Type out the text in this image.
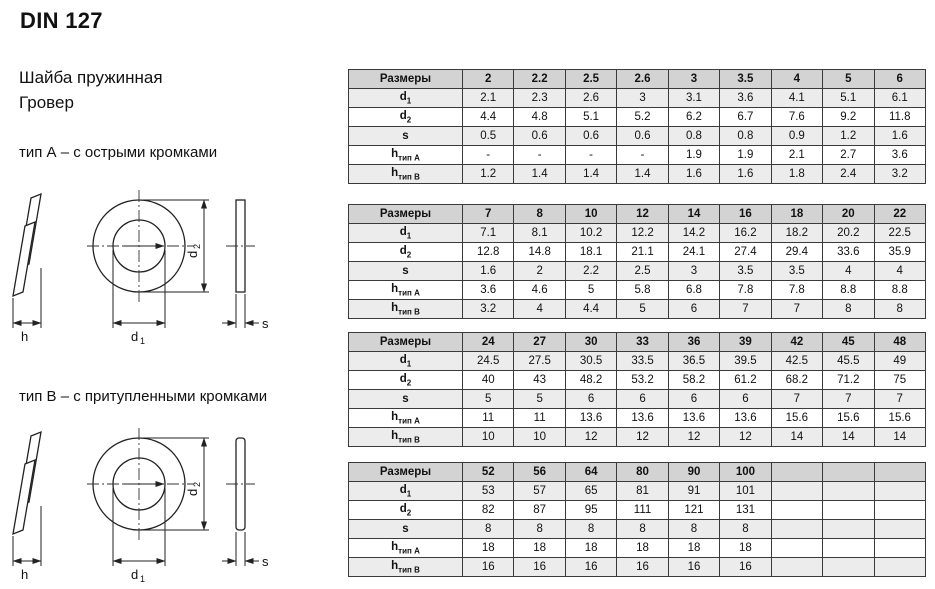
DIN 127
Шайба пружинная
Гровер
тип А – с острыми кромками
тип B – с притупленными кромками
h	d 1
d
2
s
h	d 1
d
2
s
Размеры	2	2.2	2.5	2.6	3	3.5	4	5	6
$d_1$	2.1	2.3	2.6	3	3.1	3.6	4.1	5.1	6.1
$d_2$	4.4	4.8	5.1	5.2	6.2	6.7	7.6	9.2	11.8
s	0.5	0.6	0.6	0.6	0.8	0.8	0.9	1.2	1.6
$h_{тип А}$	-	-	-	-	1.9	1.9	2.1	2.7	3.6
$h_{тип В}$	1.2	1.4	1.4	1.4	1.6	1.6	1.8	2.4	3.2
Размеры	7	8	10	12	14	16	18	20	22
$d_1$	7.1	8.1	10.2	12.2	14.2	16.2	18.2	20.2	22.5
$d_2$	12.8	14.8	18.1	21.1	24.1	27.4	29.4	33.6	35.9
s	1.6	2	2.2	2.5	3	3.5	3.5	4	4
$h_{тип А}$	3.6	4.6	5	5.8	6.8	7.8	7.8	8.8	8.8
$h_{тип В}$	3.2	4	4.4	5	6	7	7	8	8
Размеры	24	27	30	33	36	39	42	45	48
$d_1$	24.5	27.5	30.5	33.5	36.5	39.5	42.5	45.5	49
$d_2$	40	43	48.2	53.2	58.2	61.2	68.2	71.2	75
s	5	5	6	6	6	6	7	7	7
$h_{тип А}$	11	11	13.6	13.6	13.6	13.6	15.6	15.6	15.6
$h_{тип В}$	10	10	12	12	12	12	14	14	14
Размеры	52	56	64	80	90	100			
$d_1$	53	57	65	81	91	101			
$d_2$	82	87	95	111	121	131			
s	8	8	8	8	8	8			
$h_{тип А}$	18	18	18	18	18	18			
$h_{тип В}$	16	16	16	16	16	16			
